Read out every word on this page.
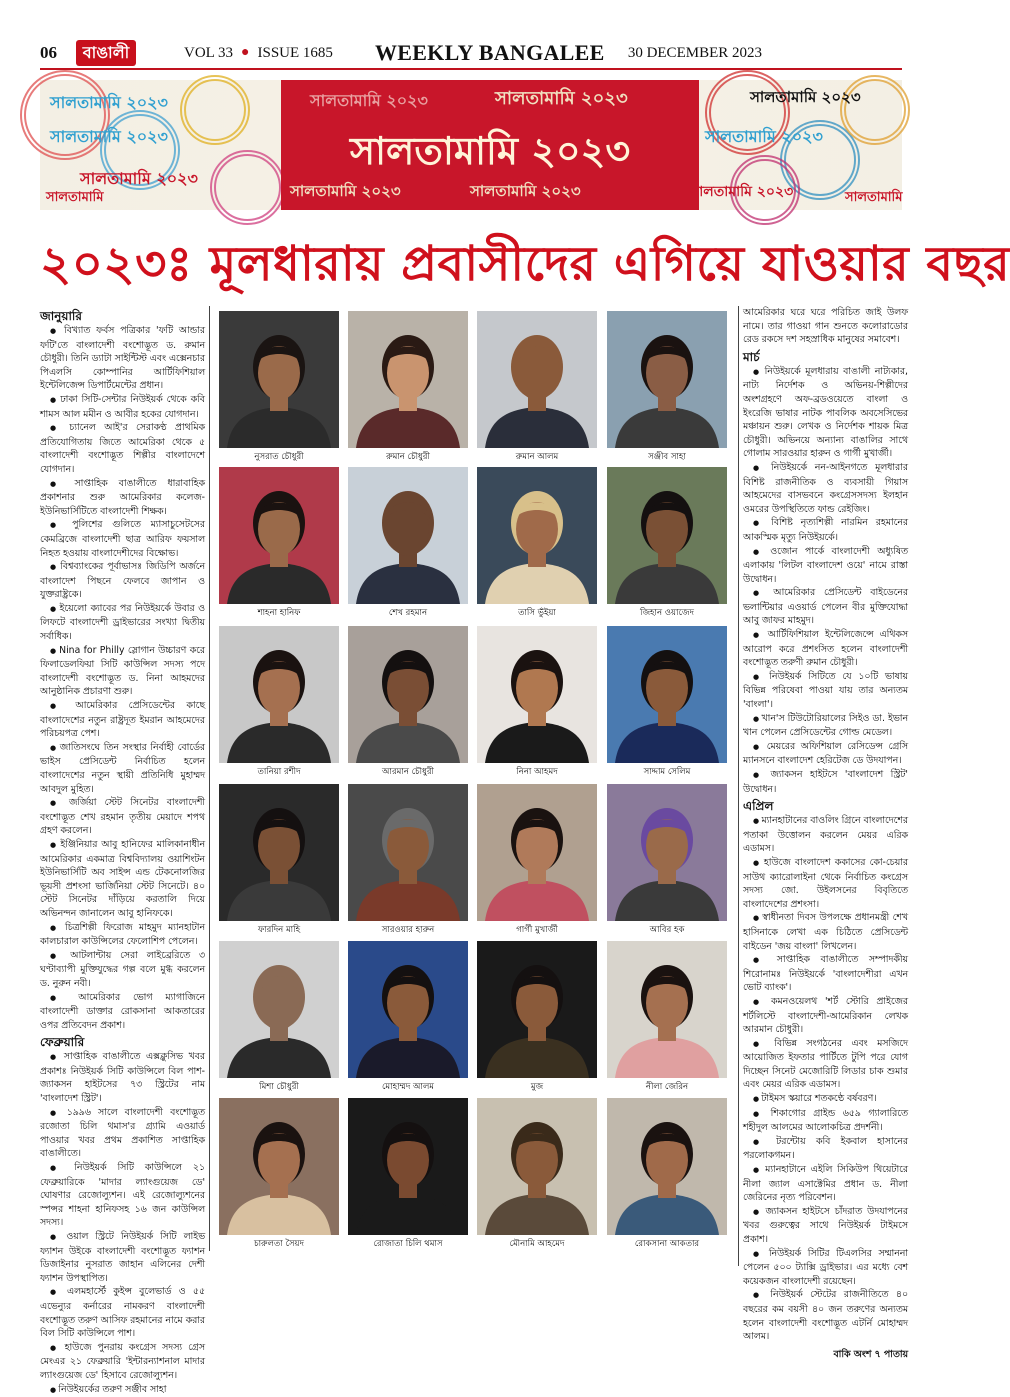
06	বাঙালী	VOL 33 ● ISSUE 1685 WEEKLY BANGALEE 30 DECEMBER 2023
সালতামামি ২০২৩
সালতামামি ২০২৩
সালতামামি ২০২৩
সালতামামি
সালতামামি ২০২৩	সালতামামি ২০২৩
সালতামামি ২০২৩
সালতামামি ২০২৩	সালতামামি ২০২৩
সালতামামি ২০২৩
সালতামামি ২০২৩
সালতামামি ২০২৩	সালতামামি
২০২৩ঃ মূলধারায় প্রবাসীদের এগিয়ে যাওয়ার বছর
জানুয়ারি
● বিখ্যাত ফর্বস পত্রিকার 'ফটি আন্ডার ফটি'তে বাংলাদেশী বংশোদ্ভূত ড. রুমান চৌধুরী। তিনি ড্যাটা সাইন্টিস্ট এবং এক্সেনচার পিএলসি কোম্পানির আর্টিফিশিয়াল ইন্টেলিজেন্স ডিপার্টমেন্টের প্রধান।
● ঢাকা সিটি-সেন্টার নিউইয়র্ক থেকে কবি শামস আল মমীন ও আবীর হকের যোগদান।
● চ্যানেল আই'র সেরাকণ্ঠ প্রাথমিক প্রতিযোগিতায় জিতে আমেরিকা থেকে ৫ বাংলাদেশী বংশোদ্ভূত শিল্পীর বাংলাদেশে যোগদান।
● সাপ্তাহিক বাঙালীতে ধারাবাহিক প্রকাশনার শুরু আমেরিকার কলেজ-ইউনিভার্সিটিতে বাংলাদেশী শিক্ষক।
● পুলিশের গুলিতে ম্যাসাচুসেটসের কেমব্রিজে বাংলাদেশী ছাত্র আরিফ ফয়সাল নিহত হওয়ায় বাংলাদেশীদের বিক্ষোভ।
● বিশ্বব্যাংকের পূর্বাভাসঃ জিডিপি অর্জনে বাংলাদেশ পিছনে ফেলবে জাপান ও যুক্তরাষ্ট্রকে।
● ইয়েলো ক্যাবের পর নিউইয়র্কে উবার ও লিফটে বাংলাদেশী ড্রাইভারের সংখ্যা দ্বিতীয় সর্বাধিক।
● Nina for Philly স্লোগান উচ্চারণ করে ফিলাডেলফিয়া সিটি কাউন্সিল সদস্য পদে বাংলাদেশী বংশোদ্ভূত ড. নিনা আহমদের আনুষ্ঠানিক প্রচারণা শুরু।
● আমেরিকার প্রেসিডেন্টের কাছে বাংলাদেশের নতুন রাষ্ট্রদূত ইমরান আহমেদের পরিচয়পত্র পেশ।
● জাতিসংঘে তিন সংস্থার নির্বাহী বোর্ডের ভাইস প্রেসিডেন্ট নির্বাচিত হলেন বাংলাদেশের নতুন স্থায়ী প্রতিনিধি মুহাম্মদ আবদুল মুহিত।
● জর্জিয়া স্টেট সিনেটর বাংলাদেশী বংশোদ্ভূত শেখ রহমান তৃতীয় মেয়াদে শপথ গ্রহণ করলেন।
● ইঞ্জিনিয়ার আবু হানিফের মালিকানাধীন আমেরিকার একমাত্র বিশ্ববিদ্যালয় ওয়াশিংটন ইউনিভার্সিটি অব সাইন্স এন্ড টেকনোলজির ভূয়সী প্রশংসা ভার্জিনিয়া স্টেট সিনেটে। ৪০ স্টেট সিনেটর দাঁড়িয়ে করতালি দিয়ে অভিনন্দন জানালেন আবু হানিফকে।
● চিত্রশিল্পী ফিরোজ মাহমুদ ম্যানহাটান কালচারাল কাউন্সিলের ফেলোশিপ পেলেন।
● আটলান্টায় সেরা লাইব্রেরিতে ৩ ঘণ্টাব্যাপী মুক্তিযুদ্ধের গল্প বলে মুগ্ধ করলেন ড. নুরুন নবী।
● আমেরিকার ভোগ ম্যাগাজিনে বাংলাদেশী ডাক্তার রোকসানা আকতারের ওপর প্রতিবেদন প্রকাশ।
ফেব্রুয়ারি
● সাপ্তাহিক বাঙালীতে এক্সক্লুসিভ খবর প্রকাশঃ নিউইয়র্ক সিটি কাউন্সিলে বিল পাশ-জ্যাকসন হাইটসের ৭৩ স্ট্রিটের নাম 'বাংলাদেশ স্ট্রিট'।
● ১৯৯৬ সালে বাংলাদেশী বংশোদ্ভূত রজোতা চিলি থমাস'র গ্র্যামি এওয়ার্ড পাওয়ার খবর প্রথম প্রকাশিত সাপ্তাহিক বাঙালীতে।
● নিউইয়র্ক সিটি কাউন্সিলে ২১ ফেব্রুয়ারিকে 'মাদার ল্যাংগুয়েজ ডে' ঘোষণার রেজোল্যুশন। এই রেজোল্যুশনের স্পন্সর শাহনা হানিফসহ ১৬ জন কাউন্সিল সদস্য।
● ওয়াল স্ট্রিটে নিউইয়র্ক সিটি লাইভ ফ্যাশন উইকে বাংলাদেশী বংশোদ্ভূত ফ্যাশন ডিজাইনার নুসরাত জাহান এলিনের দেশী ফ্যাশন উপস্থাপিত।
● এলমহার্স্টে কুইন্স বুলেভার্ড ও ৫৫ এভেন্যুর কর্নারের নামকরণ বাংলাদেশী বংশোদ্ভূত তরুণ আসিফ রহমানের নামে করার বিল সিটি কাউন্সিলে পাশ।
● হাউজে পুনরায় কংগ্রেস সদস্য গ্রেস মেংএর ২১ ফেব্রুয়ারি 'ইন্টারন্যাশনাল মাদার ল্যাংগুয়েজ ডে' হিসাবে রেজোল্যুশন।
● নিউইয়র্কের তরুণ সঞ্জীব সাহা
নুসরাত চৌধুরী	রুমান চৌধুরী	রুমান আলম	সঞ্জীব সাহা
শাহনা হানিফ	শেখ রহমান	তাসি ভুঁইয়া	জিহান ওয়াজেদ
তানিয়া রশীদ	আরমান চৌধুরী	নিনা আহমদ	সাদ্দাম সেলিম
ফারদিন মাহি	সারওয়ার হারুন	গার্গী মুখার্জী	আবির হক
মিশা চৌধুরী	মোহাম্মদ আলম	মুজ	নীলা জেরিন
চারুলতা সৈয়দ	রোজাতা চিলি থমাস	মৌনামি আহমেদ	রোকসানা আকতার
আমেরিকার ঘরে ঘরে পরিচিত জাই উলফ নামে। তার গাওয়া গান শুনতে কলোরাডোর রেড রকসে দশ সহস্রাধিক মানুষের সমাবেশ।
মার্চ
● নিউইয়র্কে মূলধারায় বাঙালী নাট্যকার, নাট্য নির্দেশক ও অভিনয়-শিল্পীদের অংশগ্রহণে অফ-ব্রডওয়েতে বাংলা ও ইংরেজি ভাষার নাটক পাবলিক অবসেসিভের মঞ্চায়ন শুরু। লেখক ও নির্দেশক শায়ক মিত্র চৌধুরী। অভিনয়ে অন্যান্য বাঙালির সাথে গোলাম সারওয়ার হারুন ও গার্গী মুখার্জী।
● নিউইয়র্কে নন-আইনগতে মূলধারার বিশিষ্ট রাজনীতিক ও ব্যবসায়ী গিয়াস আহমেদের বাসভবনে কংগ্রেসসদস্য ইলহান ওমরের উপস্থিতিতে ফান্ড রেইজিং।
● বিশিষ্ট নৃত্যশিল্পী নারমিন রহমানের আকস্মিক মৃত্যু নিউইয়র্কে।
● ওজোন পার্কে বাংলাদেশী অধ্যুষিত এলাকায় 'লিটল বাংলাদেশ ওয়ে' নামে রাস্তা উদ্বোধন।
● আমেরিকার প্রেসিডেন্ট বাইডেনের ভলান্টিয়ার এওয়ার্ড পেলেন বীর মুক্তিযোদ্ধা আবু জাফর মাহমুদ।
● আর্টিফিশিয়াল ইন্টেলিজেন্সে এথিকস আরোপ করে প্রশংসিত হলেন বাংলাদেশী বংশোদ্ভূত তরুণী রুমান চৌধুরী।
● নিউইয়র্ক সিটিতে যে ১০টি ভাষায় বিভিন্ন পরিষেবা পাওয়া যায় তার অন্যতম 'বাংলা'।
● খান'স টিউটোরিয়ালের সিইও ডা. ইভান খান পেলেন প্রেসিডেন্টের গোল্ড মেডেল।
● মেয়রের অফিশিয়াল রেসিডেন্স গ্রেসি ম্যানসনে বাংলাদেশ হেরিটেজ ডে উদযাপন।
● জ্যাকসন হাইটসে 'বাংলাদেশ স্ট্রিট' উদ্বোধন।
এপ্রিল
● ম্যানহাটানের বাওলিং গ্রিনে বাংলাদেশের পতাকা উত্তোলন করলেন মেয়র এরিক এডামস।
● হাউজে বাংলাদেশ ককাসের কো-চেয়ার সাউথ ক্যারোলাইনা থেকে নির্বাচিত কংগ্রেস সদস্য জো. উইলসনের বিবৃতিতে বাংলাদেশের প্রশংসা।
● স্বাধীনতা দিবস উপলক্ষে প্রধানমন্ত্রী শেখ হাসিনাকে লেখা এক চিঠিতে প্রেসিডেন্ট বাইডেন 'জয় বাংলা' লিখলেন।
● সাপ্তাহিক বাঙালীতে সম্পাদকীয় শিরোনামঃ নিউইয়র্কে 'বাংলাদেশীরা এখন ভোট ব্যাংক'।
● কমনওয়েলথ 'শর্ট স্টোরি প্রাইজের শর্টলিস্টে বাংলাদেশী-আমেরিকান লেখক আরমান চৌধুরী।
● বিভিন্ন সংগঠনের এবং মসজিদে আয়োজিত ইফতার পার্টিতে টুপি পরে যোগ দিচ্ছেন সিনেট মেজোরিটি লিডার চাক শুমার এবং মেয়র এরিক এডামস।
● টাইমস স্কয়ারে শতকণ্ঠে বর্ষবরণ।
● শিকাগোর গ্রাইন্ড ৬৫৯ গ্যালারিতে শহীদুল আলমের আলোকচিত্র প্রদর্শনী।
● টরন্টোয় কবি ইকবাল হাসানের পরলোকগমন।
● ম্যানহাটানে এইলি সিকিউপ থিয়েটারে নীলা জ্যাল এসাক্টেমির প্রধান ড. নীলা জেরিনের নৃত্য পরিবেশন।
● জ্যাকসন হাইটসে চাঁদরাত উদযাপনের খবর গুরুত্বের সাথে নিউইয়র্ক টাইমসে প্রকাশ।
● নিউইয়র্ক সিটির টিএলসির সম্মাননা পেলেন ৫০০ ট্যাক্সি ড্রাইভার। এর মধ্যে বেশ কয়েকজন বাংলাদেশী রয়েছেন।
● নিউইয়র্ক স্টেটের রাজনীতিতে ৪০ বছরের কম বয়সী ৪০ জন তরুণের অন্যতম হলেন বাংলাদেশী বংশোদ্ভূত এটর্নি মোহাম্মদ আলম।
বাকি অংশ ৭ পাতায়
